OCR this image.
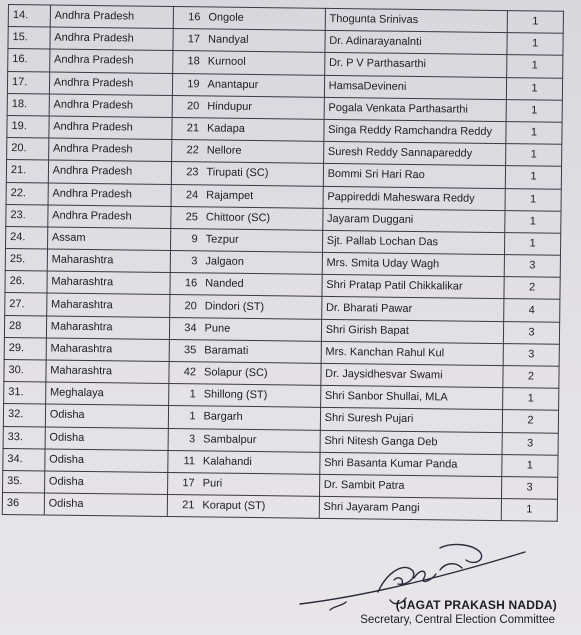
14.	Andhra Pradesh	16	Ongole	Thogunta Srinivas	1
15.	Andhra Pradesh	17	Nandyal	Dr. Adinarayanalnti	1
16.	Andhra Pradesh	18	Kurnool	Dr. P V Parthasarthi	1
17.	Andhra Pradesh	19	Anantapur	HamsaDevineni	1
18.	Andhra Pradesh	20	Hindupur	Pogala Venkata Parthasarthi	1
19.	Andhra Pradesh	21	Kadapa	Singa Reddy Ramchandra Reddy	1
20.	Andhra Pradesh	22	Nellore	Suresh Reddy Sannapareddy	1
21.	Andhra Pradesh	23	Tirupati (SC)	Bommi Sri Hari Rao	1
22.	Andhra Pradesh	24	Rajampet	Pappireddi Maheswara Reddy	1
23.	Andhra Pradesh	25	Chittoor (SC)	Jayaram Duggani	1
24.	Assam	9	Tezpur	Sjt. Pallab Lochan Das	1
25.	Maharashtra	3	Jalgaon	Mrs. Smita Uday Wagh	3
26.	Maharashtra	16	Nanded	Shri Pratap Patil Chikkalikar	2
27.	Maharashtra	20	Dindori (ST)	Dr. Bharati Pawar	4
28	Maharashtra	34	Pune	Shri Girish Bapat	3
29.	Maharashtra	35	Baramati	Mrs. Kanchan Rahul Kul	3
30.	Maharashtra	42	Solapur (SC)	Dr. Jaysidhesvar Swami	2
31.	Meghalaya	1	Shillong (ST)	Shri Sanbor Shullai, MLA	1
32.	Odisha	1	Bargarh	Shri Suresh Pujari	2
33.	Odisha	3	Sambalpur	Shri Nitesh Ganga Deb	3
34.	Odisha	11	Kalahandi	Shri Basanta Kumar Panda	1
35.	Odisha	17	Puri	Dr. Sambit Patra	3
36	Odisha	21	Koraput (ST)	Shri Jayaram Pangi	1
(JAGAT PRAKASH NADDA)
Secretary, Central Election Committee
